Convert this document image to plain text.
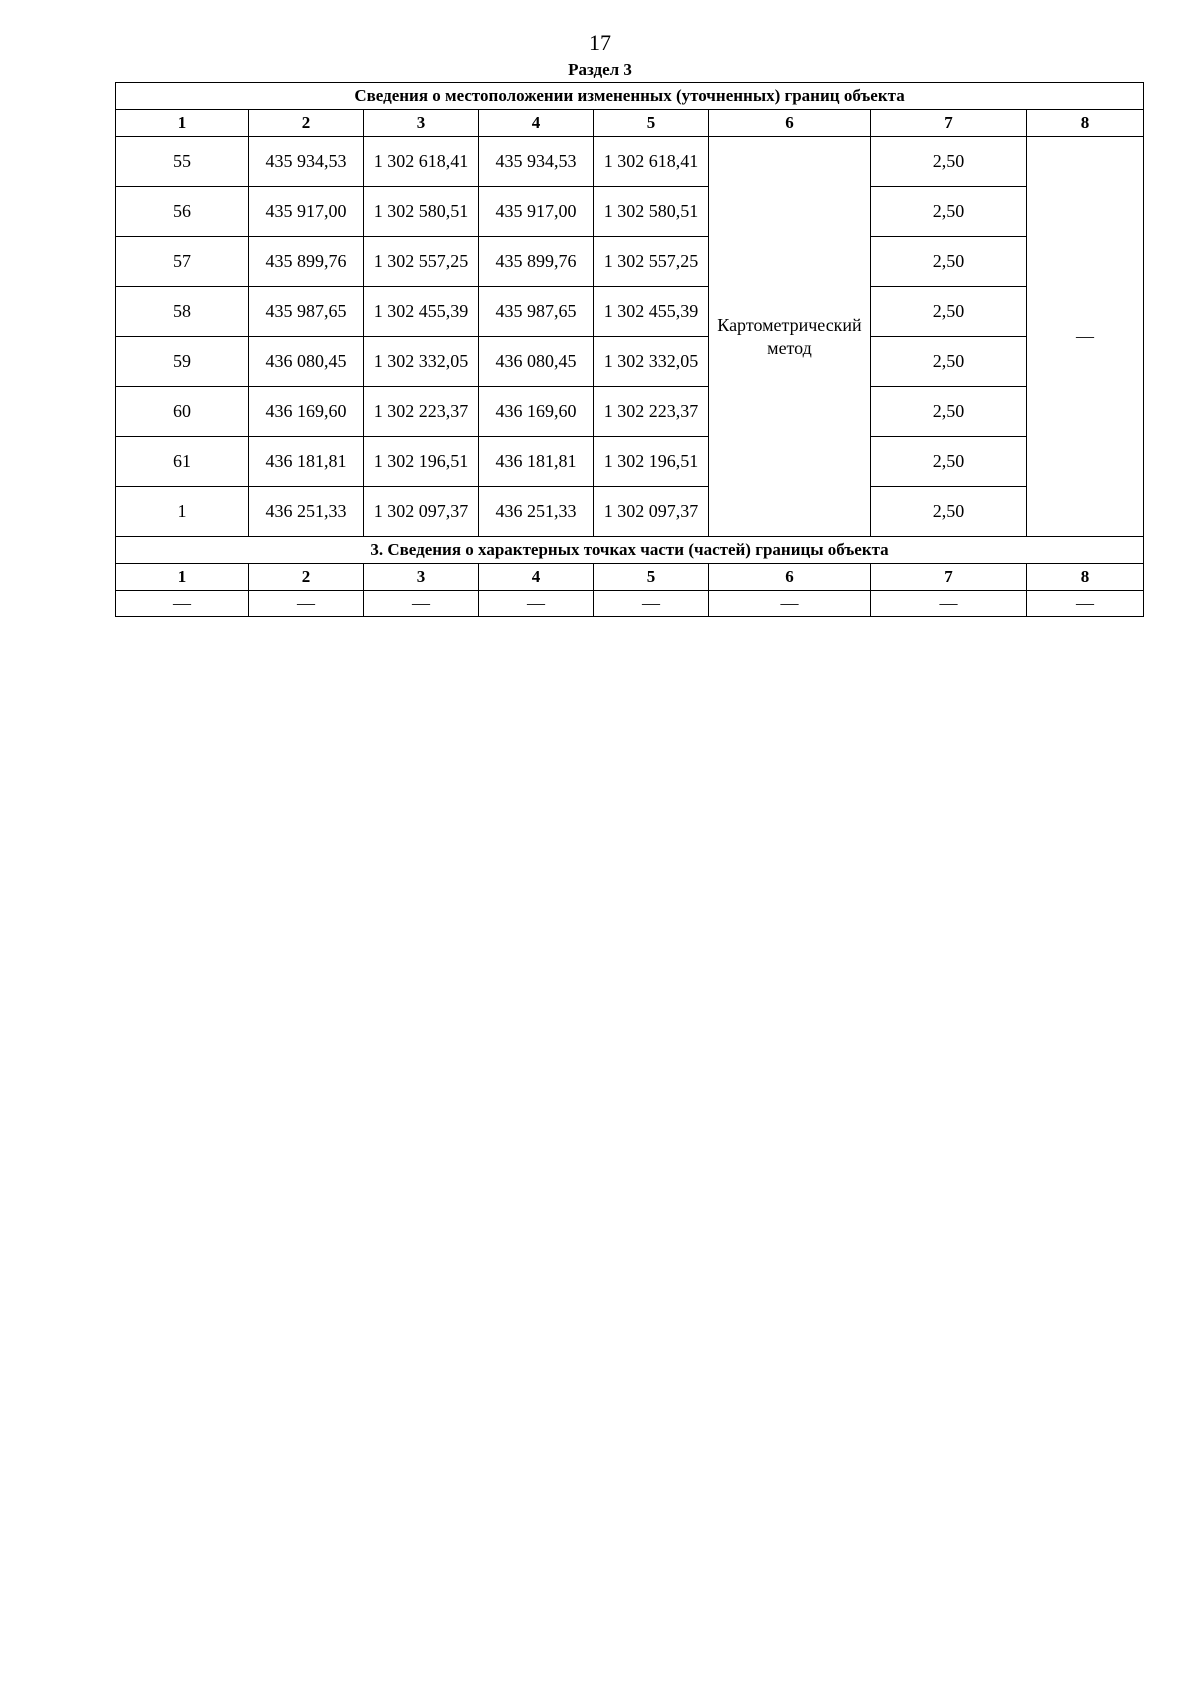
17
Раздел 3
Сведения о местоположении измененных (уточненных) границ объекта							
1	2	3	4	5	6	7	8
55	435 934,53	1 302 618,41	435 934,53	1 302 618,41	Картометрический метод	2,50	—
56	435 917,00	1 302 580,51	435 917,00	1 302 580,51		2,50	
57	435 899,76	1 302 557,25	435 899,76	1 302 557,25		2,50	
58	435 987,65	1 302 455,39	435 987,65	1 302 455,39		2,50	
59	436 080,45	1 302 332,05	436 080,45	1 302 332,05		2,50	
60	436 169,60	1 302 223,37	436 169,60	1 302 223,37		2,50	
61	436 181,81	1 302 196,51	436 181,81	1 302 196,51		2,50	
1	436 251,33	1 302 097,37	436 251,33	1 302 097,37		2,50	
3. Сведения о характерных точках части (частей) границы объекта							
1	2	3	4	5	6	7	8
—	—	—	—	—	—	—	—
